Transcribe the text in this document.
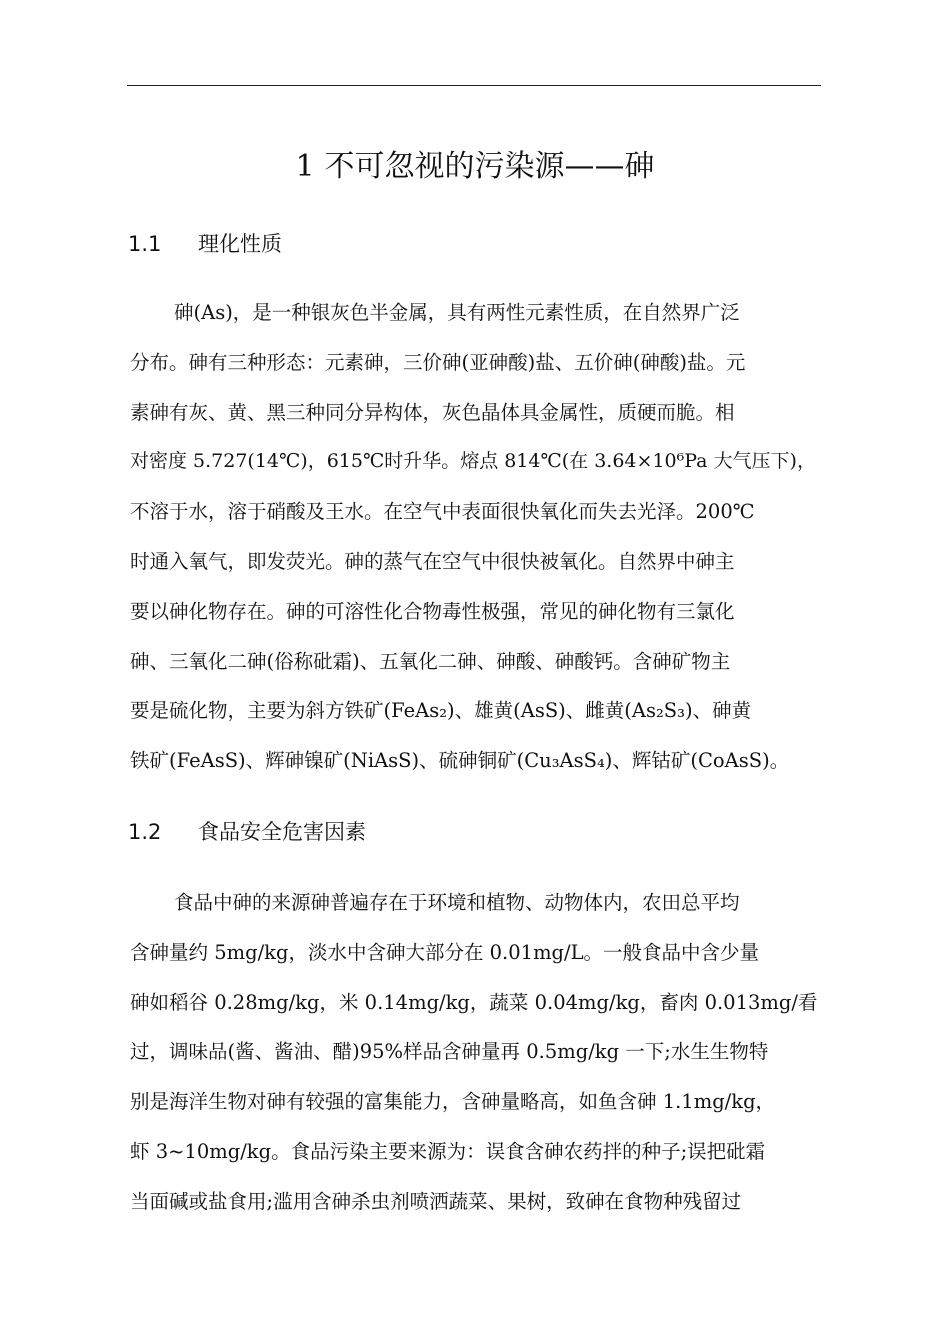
1 不可忽视的污染源——砷
1.1 理化性质
砷(As)，是一种银灰色半金属，具有两性元素性质，在自然界广泛
分布。砷有三种形态：元素砷，三价砷(亚砷酸)盐、五价砷(砷酸)盐。元
素砷有灰、黄、黑三种同分异构体，灰色晶体具金属性，质硬而脆。相
对密度 5.727(14℃)，615℃时升华。熔点 814℃(在 3.64×10⁶Pa 大气压下)，
不溶于水，溶于硝酸及王水。在空气中表面很快氧化而失去光泽。200℃
时通入氧气，即发荧光。砷的蒸气在空气中很快被氧化。自然界中砷主
要以砷化物存在。砷的可溶性化合物毒性极强，常见的砷化物有三氯化
砷、三氧化二砷(俗称砒霜)、五氧化二砷、砷酸、砷酸钙。含砷矿物主
要是硫化物，主要为斜方铁矿(FeAs₂)、雄黄(AsS)、雌黄(As₂S₃)、砷黄
铁矿(FeAsS)、辉砷镍矿(NiAsS)、硫砷铜矿(Cu₃AsS₄)、辉钴矿(CoAsS)。
1.2 食品安全危害因素
食品中砷的来源砷普遍存在于环境和植物、动物体内，农田总平均
含砷量约 5mg/kg，淡水中含砷大部分在 0.01mg/L。一般食品中含少量
砷如稻谷 0.28mg/kg，米 0.14mg/kg，蔬菜 0.04mg/kg，畜肉 0.013mg/看
过，调味品(酱、酱油、醋)95%样品含砷量再 0.5mg/kg 一下;水生生物特
别是海洋生物对砷有较强的富集能力，含砷量略高，如鱼含砷 1.1mg/kg，
虾 3~10mg/kg。食品污染主要来源为：误食含砷农药拌的种子;误把砒霜
当面碱或盐食用;滥用含砷杀虫剂喷洒蔬菜、果树，致砷在食物种残留过
